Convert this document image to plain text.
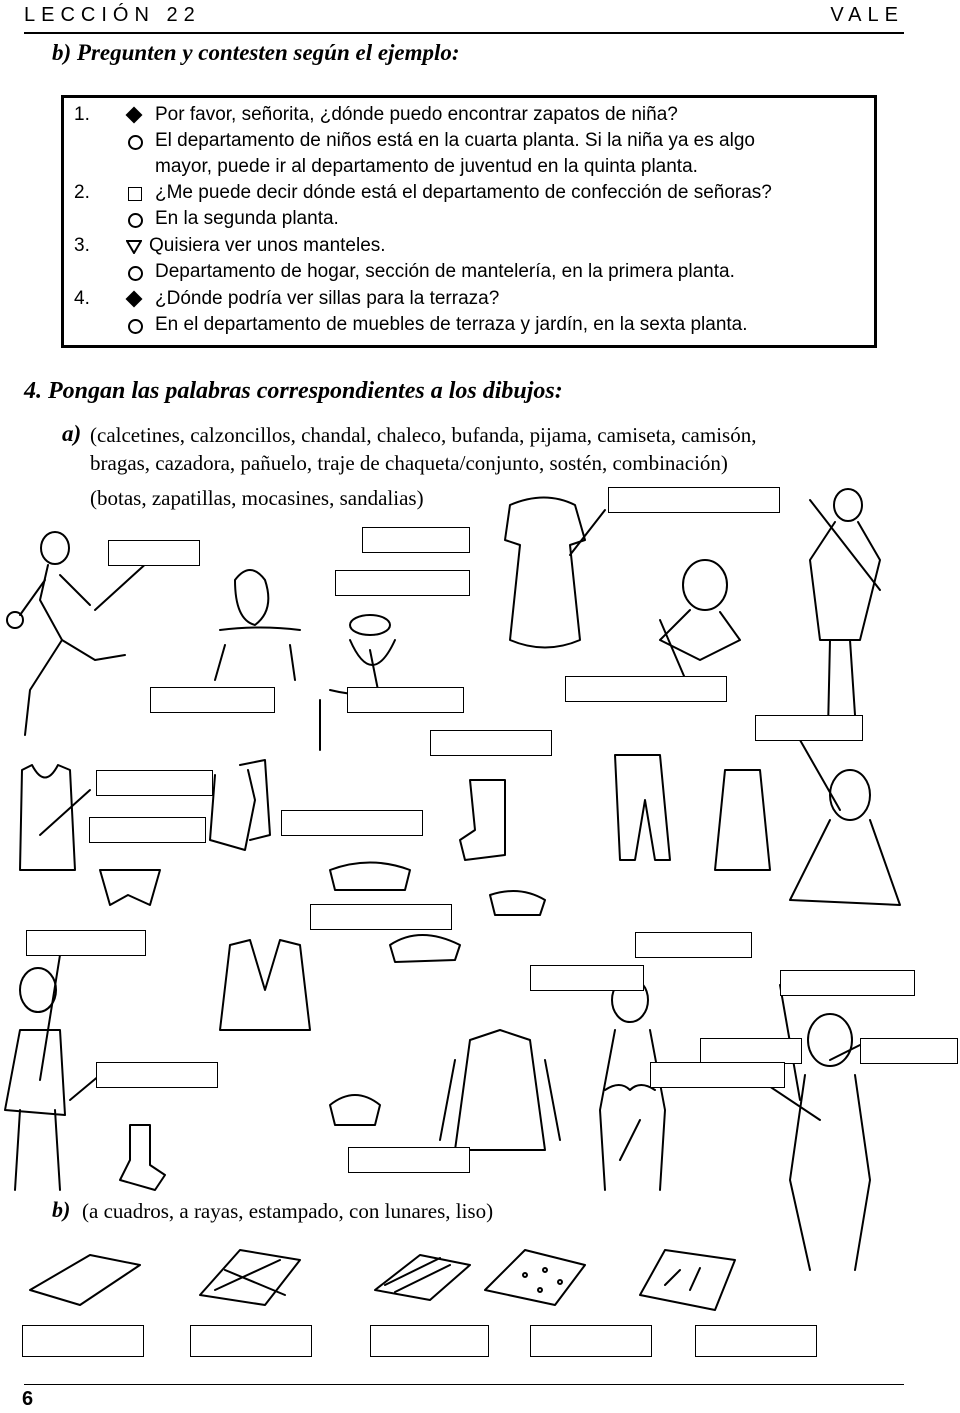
LECCIÓN 22	VALE
b) Pregunten y contesten según el ejemplo:
1.	Por favor, señorita, ¿dónde puedo encontrar zapatos de niña?
El departamento de niños está en la cuarta planta. Si la niña ya es algo
mayor, puede ir al departamento de juventud en la quinta planta.
2.	¿Me puede decir dónde está el departamento de confección de señoras?
En la segunda planta.
3.	Quisiera ver unos manteles.
Departamento de hogar, sección de mantelería, en la primera planta.
4.	¿Dónde podría ver sillas para la terraza?
En el departamento de muebles de terraza y jardín, en la sexta planta.
4. Pongan las palabras correspondientes a los dibujos:
a) (calcetines, calzoncillos, chandal, chaleco, bufanda, pijama, camiseta, camisón,
bragas, cazadora, pañuelo, traje de chaqueta/conjunto, sostén, combinación)
(botas, zapatillas, mocasines, sandalias)
b) (a cuadros, a rayas, estampado, con lunares, liso)
6
